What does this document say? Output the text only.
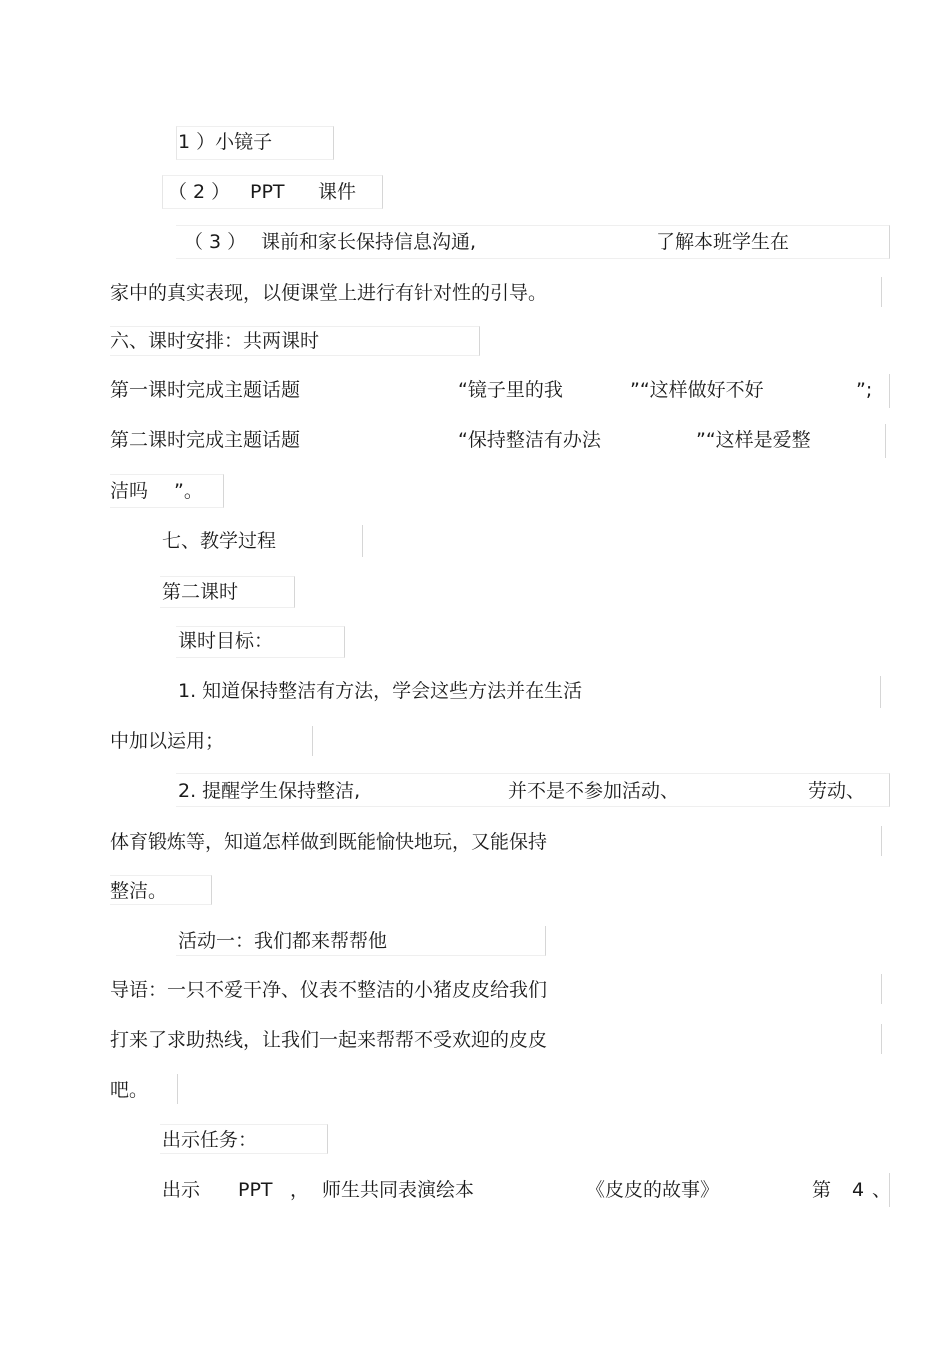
1 ）小镜子
（ 2 ） PPT 课件
（ 3 ） 课前和家长保持信息沟通,	了解本班学生在
家中的真实表现，以便课堂上进行有针对性的引导。
六、课时安排：共两课时
第一课时完成主题话题	“镜子里的我	”“这样做好不好	”;
第二课时完成主题话题	“保持整洁有办法	”“这样是爱整
洁吗 ”。
七、教学过程
第二课时
课时目标：
1. 知道保持整洁有方法，学会这些方法并在生活
中加以运用；
2. 提醒学生保持整洁,	并不是不参加活动、	劳动、
体育锻炼等，知道怎样做到既能愉快地玩，又能保持
整洁。
活动一：我们都来帮帮他
导语：一只不爱干净、仪表不整洁的小猪皮皮给我们
打来了求助热线，让我们一起来帮帮不受欢迎的皮皮
吧。
出示任务：
出示 PPT ， 师生共同表演绘本	《皮皮的故事》	第 4 、
